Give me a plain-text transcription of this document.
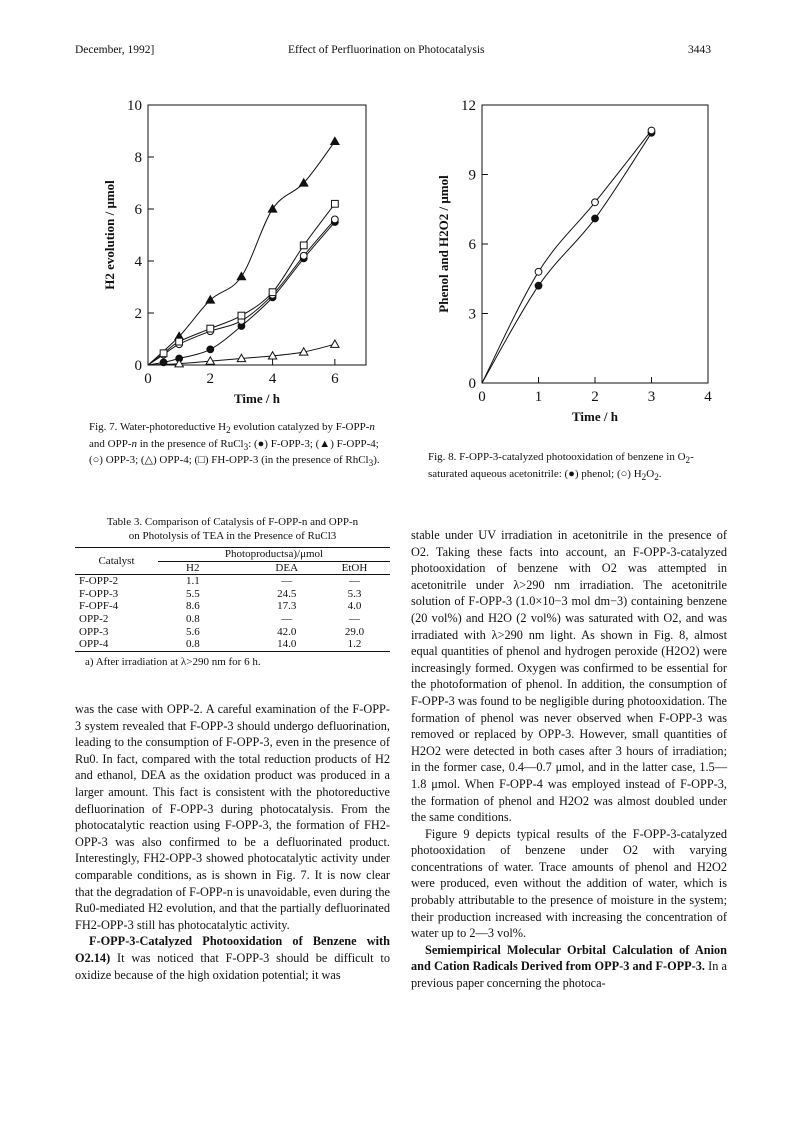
December, 1992]	Effect of Perfluorination on Photocatalysis	3443
0	2	4	6
0
2
4
6
8
10
Time / h
H2 evolution / μmol
0	1	2	3	4
0
3
6
9
12
Time / h
Phenol and H2O2 / μmol
Fig. 7. Water-photoreductive $H_2$ evolution catalyzed by F-OPP-n and OPP-n in the presence of RuCl$_3$: (●) F-OPP-3; (▲) F-OPP-4; (○) OPP-3; (△) OPP-4; (□) FH-OPP-3 (in the presence of RhCl$_3$).	Fig. 8. F-OPP-3-catalyzed photooxidation of benzene in $O_2$-saturated aqueous acetonitrile: (●) phenol; (○) $H_2O_2$.
Table 3. Comparison of Catalysis of F-OPP-n and OPP-n
on Photolysis of TEA in the Presence of RuCl3
Catalyst	Photoproductsa)/μmol		
	H2	DEA	EtOH

F-OPP-2	1.1	—	—
F-OPP-3	5.5	24.5	5.3
F-OPF-4	8.6	17.3	4.0
OPP-2	0.8	—	—
OPP-3	5.6	42.0	29.0
OPP-4	0.8	14.0	1.2
a) After irradiation at λ>290 nm for 6 h.

was the case with OPP-2. A careful examination of the F-OPP-3 system revealed that F-OPP-3 should undergo defluorination, leading to the consumption of F-OPP-3, even in the presence of Ru0. In fact, compared with the total reduction products of H2 and ethanol, DEA as the oxidation product was produced in a larger amount. This fact is consistent with the photoreductive defluorination of F-OPP-3 during photocatalysis. From the photocatalytic reaction using F-OPP-3, the formation of FH2-OPP-3 was also confirmed to be a defluorinated product. Interestingly, FH2-OPP-3 showed photocatalytic activity under comparable conditions, as is shown in Fig. 7. It is now clear that the degradation of F-OPP-n is unavoidable, even during the Ru0-mediated H2 evolution, and that the partially defluorinated FH2-OPP-3 still has photocatalytic activity.

F-OPP-3-Catalyzed Photooxidation of Benzene with O2.14) It was noticed that F-OPP-3 should be difficult to oxidize because of the high oxidation potential; it was

stable under UV irradiation in acetonitrile in the presence of O2. Taking these facts into account, an F-OPP-3-catalyzed photooxidation of benzene with O2 was attempted in acetonitrile under λ>290 nm irradiation. The acetonitrile solution of F-OPP-3 (1.0×10−3 mol dm−3) containing benzene (20 vol%) and H2O (2 vol%) was saturated with O2, and was irradiated with λ>290 nm light. As shown in Fig. 8, almost equal quantities of phenol and hydrogen peroxide (H2O2) were increasingly formed. Oxygen was confirmed to be essential for the photoformation of phenol. In addition, the consumption of F-OPP-3 was found to be negligible during photooxidation. The formation of phenol was never observed when F-OPP-3 was removed or replaced by OPP-3. However, small quantities of H2O2 were detected in both cases after 3 hours of irradiation; in the former case, 0.4—0.7 μmol, and in the latter case, 1.5—1.8 μmol. When F-OPP-4 was employed instead of F-OPP-3, the formation of phenol and H2O2 was almost doubled under the same conditions.

Figure 9 depicts typical results of the F-OPP-3-catalyzed photooxidation of benzene under O2 with varying concentrations of water. Trace amounts of phenol and H2O2 were produced, even without the addition of water, which is probably attributable to the presence of moisture in the system; their production increased with increasing the concentration of water up to 2—3 vol%.

Semiempirical Molecular Orbital Calculation of Anion and Cation Radicals Derived from OPP-3 and F-OPP-3. In a previous paper concerning the photoca-
